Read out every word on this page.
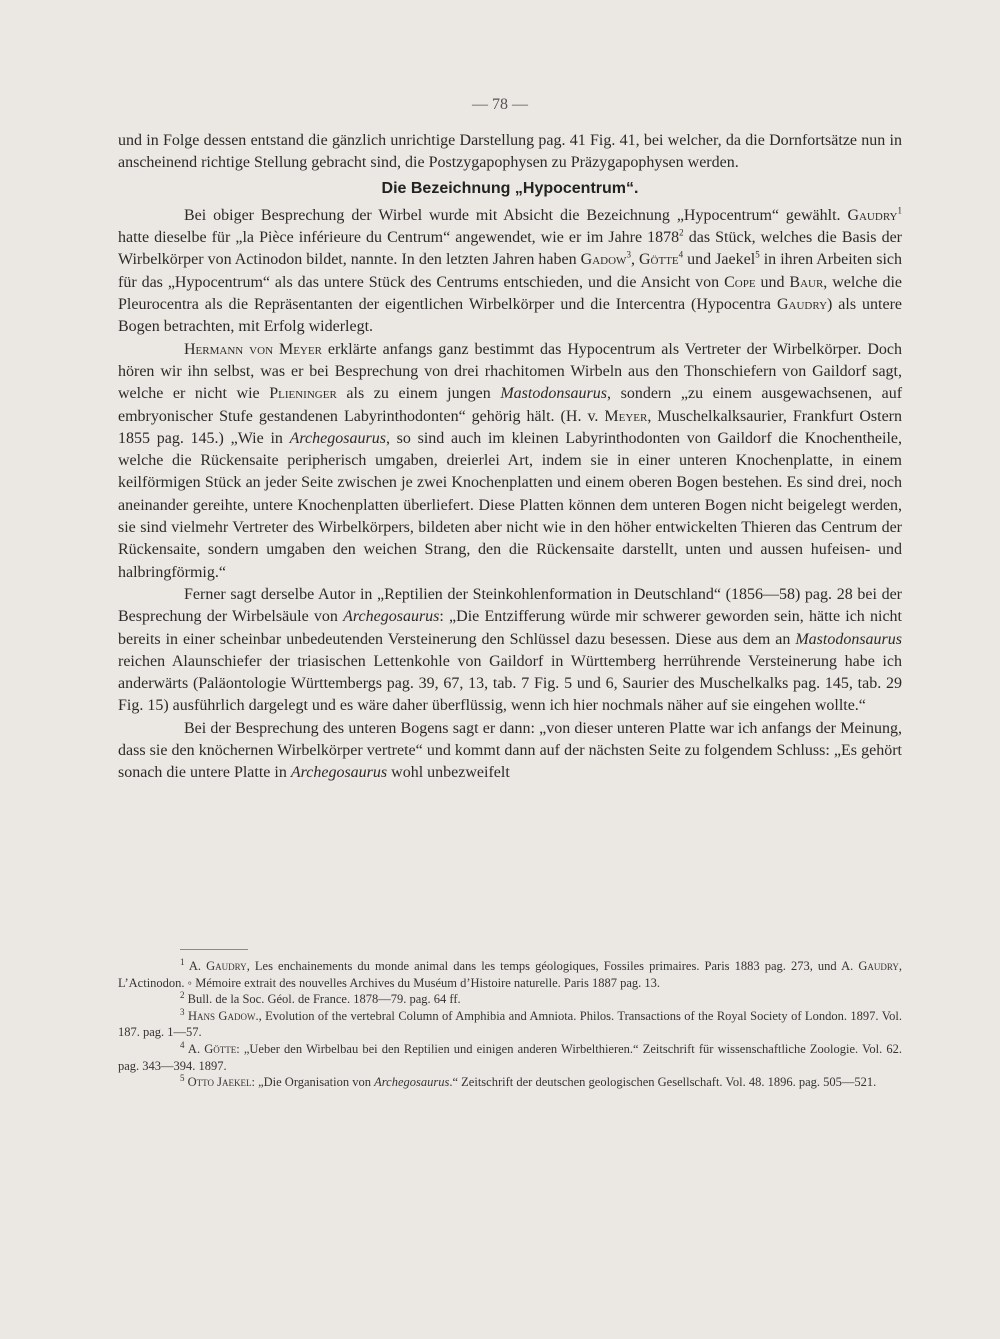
— 78 —

und in Folge dessen entstand die gänzlich unrichtige Darstellung pag. 41 Fig. 41, bei welcher, da die Dornfortsätze nun in anscheinend richtige Stellung gebracht sind, die Postzygapophysen zu Präzygapophysen werden.

Die Bezeichnung „Hypocentrum“.

Bei obiger Besprechung der Wirbel wurde mit Absicht die Bezeichnung „Hypocentrum“ gewählt. Gaudry$^1$ hatte dieselbe für „la Pièce inférieure du Centrum“ angewendet, wie er im Jahre 1878$^2$ das Stück, welches die Basis der Wirbelkörper von Actinodon bildet, nannte. In den letzten Jahren haben Gadow$^3$, Götte$^4$ und Jaekel$^5$ in ihren Arbeiten sich für das „Hypocentrum“ als das untere Stück des Centrums entschieden, und die Ansicht von Cope und Baur, welche die Pleurocentra als die Repräsentanten der eigentlichen Wirbelkörper und die Intercentra (Hypocentra Gaudry) als untere Bogen betrachten, mit Erfolg widerlegt.

Hermann von Meyer erklärte anfangs ganz bestimmt das Hypocentrum als Vertreter der Wirbelkörper. Doch hören wir ihn selbst, was er bei Besprechung von drei rhachitomen Wirbeln aus den Thonschiefern von Gaildorf sagt, welche er nicht wie Plieninger als zu einem jungen Mastodonsaurus, sondern „zu einem ausgewachsenen, auf embryonischer Stufe gestandenen Labyrinthodonten“ gehörig hält. (H. v. Meyer, Muschelkalksaurier, Frankfurt Ostern 1855 pag. 145.) „Wie in Archegosaurus, so sind auch im kleinen Labyrinthodonten von Gaildorf die Knochentheile, welche die Rückensaite peripherisch umgaben, dreierlei Art, indem sie in einer unteren Knochenplatte, in einem keilförmigen Stück an jeder Seite zwischen je zwei Knochenplatten und einem oberen Bogen bestehen. Es sind drei, noch aneinander gereihte, untere Knochenplatten überliefert. Diese Platten können dem unteren Bogen nicht beigelegt werden, sie sind vielmehr Vertreter des Wirbelkörpers, bildeten aber nicht wie in den höher entwickelten Thieren das Centrum der Rückensaite, sondern umgaben den weichen Strang, den die Rückensaite darstellt, unten und aussen hufeisen- und halbringförmig.“

Ferner sagt derselbe Autor in „Reptilien der Steinkohlenformation in Deutschland“ (1856—58) pag. 28 bei der Besprechung der Wirbelsäule von Archegosaurus: „Die Entzifferung würde mir schwerer geworden sein, hätte ich nicht bereits in einer scheinbar unbedeutenden Versteinerung den Schlüssel dazu besessen. Diese aus dem an Mastodonsaurus reichen Alaunschiefer der triasischen Lettenkohle von Gaildorf in Württemberg herrührende Versteinerung habe ich anderwärts (Paläontologie Württembergs pag. 39, 67, 13, tab. 7 Fig. 5 und 6, Saurier des Muschelkalks pag. 145, tab. 29 Fig. 15) ausführlich dargelegt und es wäre daher überflüssig, wenn ich hier nochmals näher auf sie eingehen wollte.“

Bei der Besprechung des unteren Bogens sagt er dann: „von dieser unteren Platte war ich anfangs der Meinung, dass sie den knöchernen Wirbelkörper vertrete“ und kommt dann auf der nächsten Seite zu folgendem Schluss: „Es gehört sonach die untere Platte in Archegosaurus wohl unbezweifelt

$^1$ A. Gaudry, Les enchainements du monde animal dans les temps géologiques, Fossiles primaires. Paris 1883 pag. 273, und A. Gaudry, L’Actinodon. ◦ Mémoire extrait des nouvelles Archives du Muséum d’Histoire naturelle. Paris 1887 pag. 13.

$^2$ Bull. de la Soc. Géol. de France. 1878—79. pag. 64 ff.

$^3$ Hans Gadow., Evolution of the vertebral Column of Amphibia and Amniota. Philos. Transactions of the Royal Society of London. 1897. Vol. 187. pag. 1—57.

$^4$ A. Götte: „Ueber den Wirbelbau bei den Reptilien und einigen anderen Wirbelthieren.“ Zeitschrift für wissenschaftliche Zoologie. Vol. 62. pag. 343—394. 1897.

$^5$ Otto Jaekel: „Die Organisation von Archegosaurus.“ Zeitschrift der deutschen geologischen Gesellschaft. Vol. 48. 1896. pag. 505—521.
